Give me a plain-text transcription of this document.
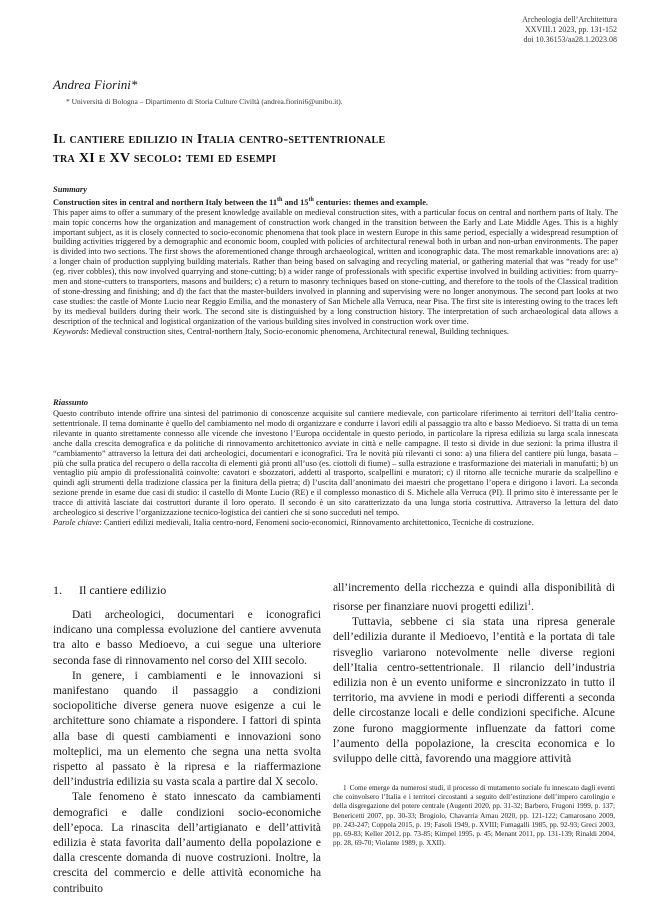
Archeologia dell’Architettura
XXVIII.1 2023, pp. 131-152
doi 10.36153/aa28.1.2023.08
Andrea Fiorini*
* Università di Bologna – Dipartimento di Storia Culture Civiltà (andrea.fiorini6@unibo.it).
Il cantiere edilizio in Italia centro-settentrionale
tra XI e XV secolo: temi ed esempi
Summary
Construction sites in central and northern Italy between the 11th and 15th centuries: themes and example.
This paper aims to offer a summary of the present knowledge available on medieval construction sites, with a particular focus on central and northern parts of Italy. The main topic concerns how the organization and management of construction work changed in the transition between the Early and Late Middle Ages. This is a highly important subject, as it is closely connected to socio-economic phenomena that took place in western Europe in this same period, especially a widespread resumption of building activities triggered by a demographic and economic boom, coupled with policies of architectural renewal both in urban and non-urban environments. The paper is divided into two sections. The first shows the aforementioned change through archaeological, written and iconographic data. The most remarkable innovations are: a) a longer chain of production supplying building materials. Rather than being based on salvaging and recycling material, or gathering material that was “ready for use” (eg. river cobbles), this now involved quarrying and stone-cutting; b) a wider range of professionals with specific expertise involved in building activities: from quarry-men and stone-cutters to transporters, masons and builders; c) a return to masonry techniques based on stone-cutting, and therefore to the tools of the Classical tradition of stone-dressing and finishing; and d) the fact that the master-builders involved in planning and supervising were no longer anonymous. The second part looks at two case studies: the castle of Monte Lucio near Reggio Emilia, and the monastery of San Michele alla Verruca, near Pisa. The first site is interesting owing to the traces left by its medieval builders during their work. The second site is distinguished by a long construction history. The interpretation of such archaeological data allows a description of the technical and logistical organization of the various building sites involved in construction work over time.
Keywords: Medieval construction sites, Central-northern Italy, Socio-economic phenomena, Architectural renewal, Building techniques.
Riassunto
Questo contributo intende offrire una sintesi del patrimonio di conoscenze acquisite sul cantiere medievale, con particolare riferimento ai territori dell’Italia centro-settentrionale. Il tema dominante è quello del cambiamento nel modo di organizzare e condurre i lavori edili al passaggio tra alto e basso Medioevo. Si tratta di un tema rilevante in quanto strettamente connesso alle vicende che investono l’Europa occidentale in questo periodo, in particolare la ripresa edilizia su larga scala innescata anche dalla crescita demografica e da politiche di rinnovamento architettonico avviate in città e nelle campagne. Il testo si divide in due sezioni: la prima illustra il “cambiamento” attraverso la lettura dei dati archeologici, documentari e iconografici. Tra le novità più rilevanti ci sono: a) una filiera del cantiere più lunga, basata – più che sulla pratica del recupero o della raccolta di elementi già pronti all’uso (es. ciottoli di fiume) – sulla estrazione e trasformazione dei materiali in manufatti; b) un ventaglio più ampio di professionalità coinvolte: cavatori e sbozzatori, addetti al trasporto, scalpellini e muratori; c) il ritorno alle tecniche murarie da scalpellino e quindi agli strumenti della tradizione classica per la finitura della pietra; d) l’uscita dall’anonimato dei maestri che progettano l’opera e dirigono i lavori. La seconda sezione prende in esame due casi di studio: il castello di Monte Lucio (RE) e il complesso monastico di S. Michele alla Verruca (PI). Il primo sito è interessante per le tracce di attività lasciate dai costruttori durante il loro operato. Il secondo è un sito caratterizzato da una lunga storia costruttiva. Attraverso la lettura del dato archeologico si descrive l’organizzazione tecnico-logistica dei cantieri che si sono succeduti nel tempo.
Parole chiave: Cantieri edilizi medievali, Italia centro-nord, Fenomeni socio-economici, Rinnovamento architettonico, Tecniche di costruzione.
1. Il cantiere edilizio

Dati archeologici, documentari e iconografici indicano una complessa evoluzione del cantiere avvenuta tra alto e basso Medioevo, a cui segue una ulteriore seconda fase di rinnovamento nel corso del XIII secolo.

In genere, i cambiamenti e le innovazioni si manifestano quando il passaggio a condizioni sociopolitiche diverse genera nuove esigenze a cui le architetture sono chiamate a rispondere. I fattori di spinta alla base di questi cambiamenti e innovazioni sono molteplici, ma un elemento che segna una netta svolta rispetto al passato è la ripresa e la riaffermazione dell’industria edilizia su vasta scala a partire dal X secolo.

Tale fenomeno è stato innescato da cambiamenti demografici e dalle condizioni socio-economiche dell’epoca. La rinascita dell’artigianato e dell’attività edilizia è stata favorita dall’aumento della popolazione e dalla crescente domanda di nuove costruzioni. Inoltre, la crescita del commercio e delle attività economiche ha contribuito

all’incremento della ricchezza e quindi alla disponibilità di risorse per finanziare nuovi progetti edilizi$^1$.

Tuttavia, sebbene ci sia stata una ripresa generale dell’edilizia durante il Medioevo, l’entità e la portata di tale risveglio variarono notevolmente nelle diverse regioni dell’Italia centro-settentrionale. Il rilancio dell’industria edilizia non è un evento uniforme e sincronizzato in tutto il territorio, ma avviene in modi e periodi differenti a seconda delle circostanze locali e delle condizioni specifiche. Alcune zone furono maggiormente influenzate da fattori come l’aumento della popolazione, la crescita economica e lo sviluppo delle città, favorendo una maggiore attività

1 Come emerge da numerosi studi, il processo di mutamento sociale fu innescato dagli eventi che coinvolsero l’Italia e i territori circostanti a seguito dell’estinzione dell’impero carolingio e della disgregazione del potere centrale (Augenti 2020, pp. 31-32; Barbero, Frugoni 1999, p. 137; Benericetti 2007, pp. 30-33; Brogiolo, Chavarría Arnau 2020, pp. 121-122; Camarosano 2009, pp. 243-247; Coppola 2015, p. 19; Fasoli 1949, p. XVIII; Fumagalli 1985, pp. 92-93; Greci 2003, pp. 69-83; Keller 2012, pp. 73-85; Kimpel 1995, p. 45; Menant 2011, pp. 131-139; Rinaldi 2004, pp. 28, 69-70; Violante 1989, p. XXII).
